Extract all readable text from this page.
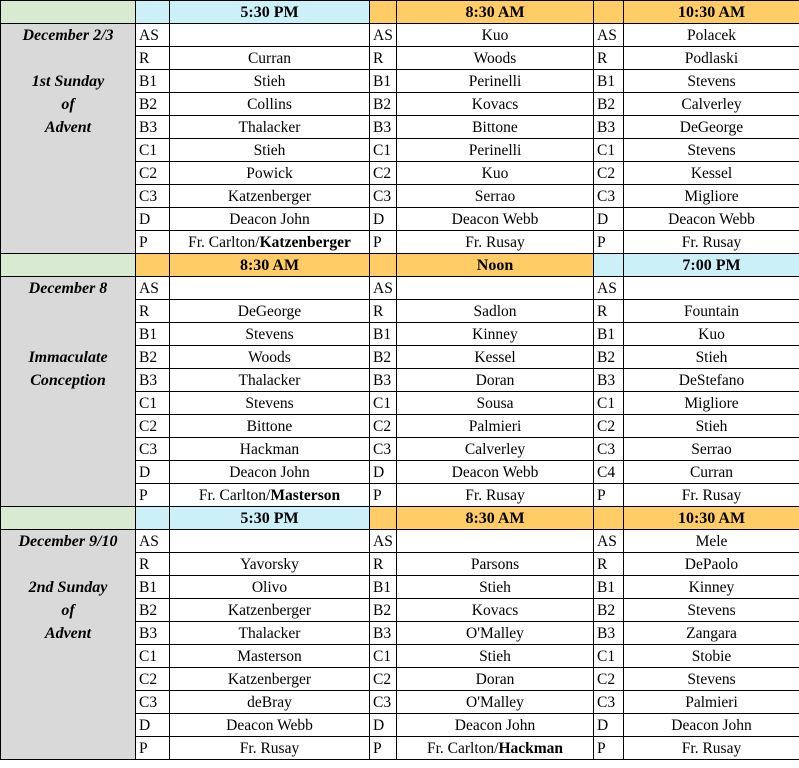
		5:30 PM		8:30 AM		10:30 AM

December 2/3

1st Sunday
of
Advent	AS		AS	Kuo	AS	Polacek
	R	Curran	R	Woods	R	Podlaski
	B1	Stieh	B1	Perinelli	B1	Stevens
	B2	Collins	B2	Kovacs	B2	Calverley
	B3	Thalacker	B3	Bittone	B3	DeGeorge
	C1	Stieh	C1	Perinelli	C1	Stevens
	C2	Powick	C2	Kuo	C2	Kessel
	C3	Katzenberger	C3	Serrao	C3	Migliore
	D	Deacon John	D	Deacon Webb	D	Deacon Webb
	P	Fr. Carlton/Katzenberger	P	Fr. Rusay	P	Fr. Rusay
		8:30 AM		Noon		7:00 PM

December 8

Immaculate
Conception	AS		AS		AS	
	R	DeGeorge	R	Sadlon	R	Fountain
	B1	Stevens	B1	Kinney	B1	Kuo
	B2	Woods	B2	Kessel	B2	Stieh
	B3	Thalacker	B3	Doran	B3	DeStefano
	C1	Stevens	C1	Sousa	C1	Migliore
	C2	Bittone	C2	Palmieri	C2	Stieh
	C3	Hackman	C3	Calverley	C3	Serrao
	D	Deacon John	D	Deacon Webb	C4	Curran
	P	Fr. Carlton/Masterson	P	Fr. Rusay	P	Fr. Rusay
		5:30 PM		8:30 AM		10:30 AM

December 9/10

2nd Sunday
of
Advent	AS		AS		AS	Mele
	R	Yavorsky	R	Parsons	R	DePaolo
	B1	Olivo	B1	Stieh	B1	Kinney
	B2	Katzenberger	B2	Kovacs	B2	Stevens
	B3	Thalacker	B3	O'Malley	B3	Zangara
	C1	Masterson	C1	Stieh	C1	Stobie
	C2	Katzenberger	C2	Doran	C2	Stevens
	C3	deBray	C3	O'Malley	C3	Palmieri
	D	Deacon Webb	D	Deacon John	D	Deacon John
	P	Fr. Rusay	P	Fr. Carlton/Hackman	P	Fr. Rusay
